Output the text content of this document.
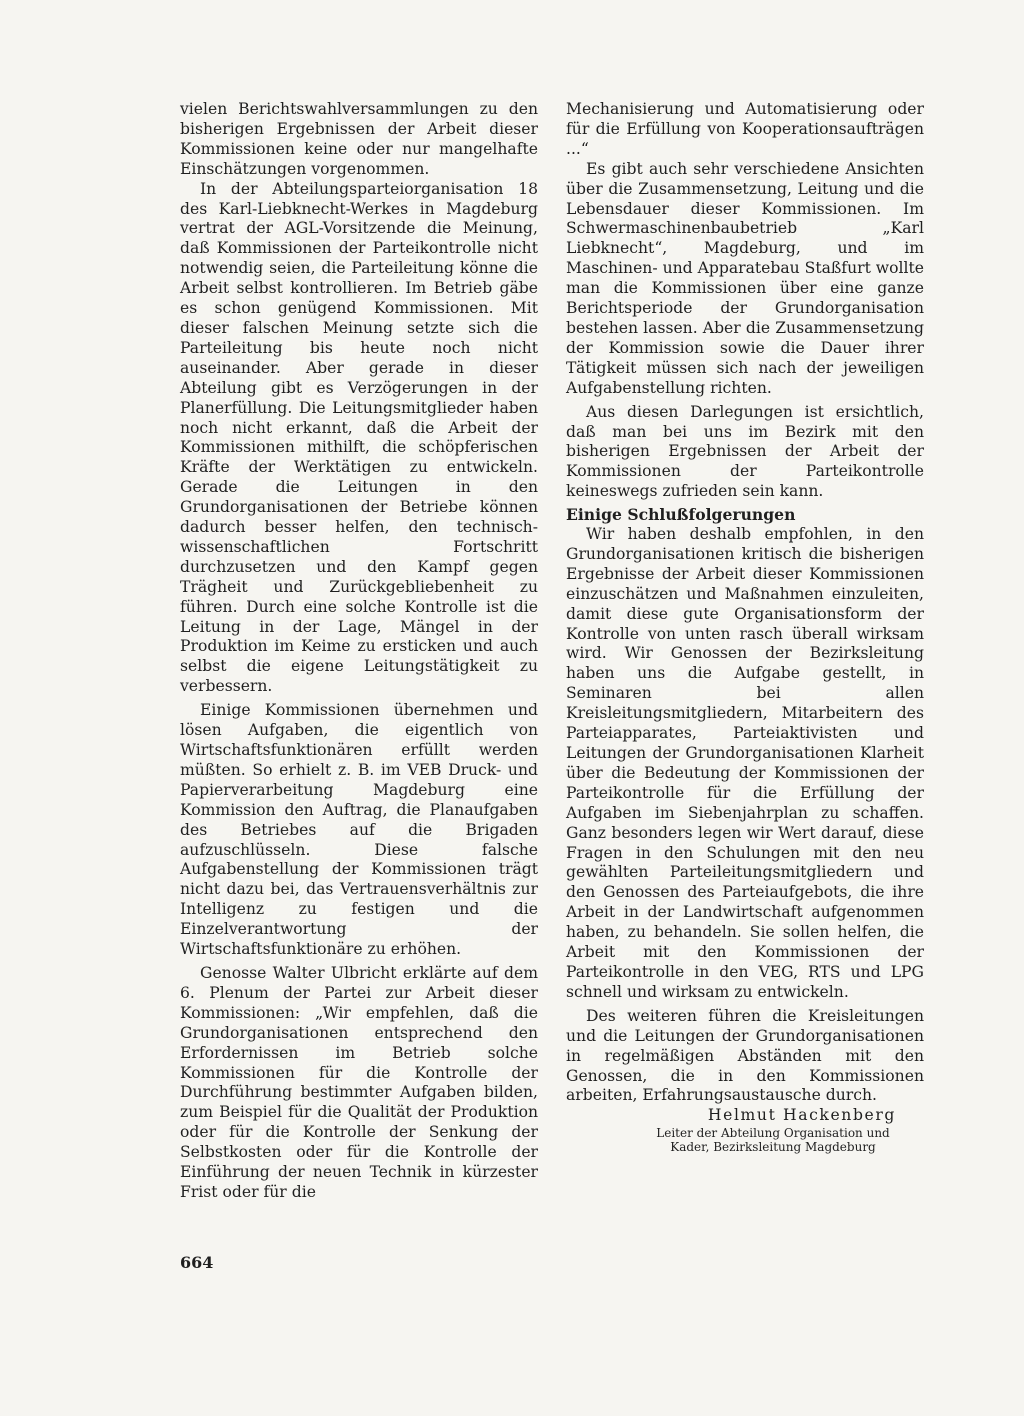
vielen Berichtswahlversammlungen zu den bisherigen Ergebnissen der Arbeit dieser Kommissionen keine oder nur mangelhafte Einschätzungen vorgenommen.

In der Abteilungsparteiorganisation 18 des Karl-Liebknecht-Werkes in Magdeburg vertrat der AGL-Vorsitzende die Meinung, daß Kommissionen der Parteikontrolle nicht notwendig seien, die Parteileitung könne die Arbeit selbst kontrollieren. Im Betrieb gäbe es schon genügend Kommissionen. Mit dieser falschen Meinung setzte sich die Parteileitung bis heute noch nicht auseinander. Aber gerade in dieser Abteilung gibt es Verzögerungen in der Planerfüllung. Die Leitungsmitglieder haben noch nicht erkannt, daß die Arbeit der Kommissionen mithilft, die schöpferischen Kräfte der Werktätigen zu entwickeln. Gerade die Leitungen in den Grundorganisationen der Betriebe können dadurch besser helfen, den technisch-wissenschaftlichen Fortschritt durchzusetzen und den Kampf gegen Trägheit und Zurückgebliebenheit zu führen. Durch eine solche Kontrolle ist die Leitung in der Lage, Mängel in der Produktion im Keime zu ersticken und auch selbst die eigene Leitungstätigkeit zu verbessern.

Einige Kommissionen übernehmen und lösen Aufgaben, die eigentlich von Wirtschaftsfunktionären erfüllt werden müßten. So erhielt z. B. im VEB Druck- und Papierverarbeitung Magdeburg eine Kommission den Auftrag, die Planaufgaben des Betriebes auf die Brigaden aufzuschlüsseln. Diese falsche Aufgabenstellung der Kommissionen trägt nicht dazu bei, das Vertrauensverhältnis zur Intelligenz zu festigen und die Einzelverantwortung der Wirtschaftsfunktionäre zu erhöhen.

Genosse Walter Ulbricht erklärte auf dem 6. Plenum der Partei zur Arbeit dieser Kommissionen: „Wir empfehlen, daß die Grundorganisationen entsprechend den Erfordernissen im Betrieb solche Kommissionen für die Kontrolle der Durchführung bestimmter Aufgaben bilden, zum Beispiel für die Qualität der Produktion oder für die Kontrolle der Senkung der Selbstkosten oder für die Kontrolle der Einführung der neuen Technik in kürzester Frist oder für die

Mechanisierung und Automatisierung oder für die Erfüllung von Kooperationsaufträgen ...“

Es gibt auch sehr verschiedene Ansichten über die Zusammensetzung, Leitung und die Lebensdauer dieser Kommissionen. Im Schwermaschinenbaubetrieb „Karl Liebknecht“, Magdeburg, und im Maschinen- und Apparatebau Staßfurt wollte man die Kommissionen über eine ganze Berichtsperiode der Grundorganisation bestehen lassen. Aber die Zusammensetzung der Kommission sowie die Dauer ihrer Tätigkeit müssen sich nach der jeweiligen Aufgabenstellung richten.

Aus diesen Darlegungen ist ersichtlich, daß man bei uns im Bezirk mit den bisherigen Ergebnissen der Arbeit der Kommissionen der Parteikontrolle keineswegs zufrieden sein kann.

Einige Schlußfolgerungen

Wir haben deshalb empfohlen, in den Grundorganisationen kritisch die bisherigen Ergebnisse der Arbeit dieser Kommissionen einzuschätzen und Maßnahmen einzuleiten, damit diese gute Organisationsform der Kontrolle von unten rasch überall wirksam wird. Wir Genossen der Bezirksleitung haben uns die Aufgabe gestellt, in Seminaren bei allen Kreisleitungsmitgliedern, Mitarbeitern des Parteiapparates, Parteiaktivisten und Leitungen der Grundorganisationen Klarheit über die Bedeutung der Kommissionen der Parteikontrolle für die Erfüllung der Aufgaben im Siebenjahrplan zu schaffen. Ganz besonders legen wir Wert darauf, diese Fragen in den Schulungen mit den neu gewählten Parteileitungsmitgliedern und den Genossen des Parteiaufgebots, die ihre Arbeit in der Landwirtschaft aufgenommen haben, zu behandeln. Sie sollen helfen, die Arbeit mit den Kommissionen der Parteikontrolle in den VEG, RTS und LPG schnell und wirksam zu entwickeln.

Des weiteren führen die Kreisleitungen und die Leitungen der Grundorganisationen in regelmäßigen Abständen mit den Genossen, die in den Kommissionen arbeiten, Erfahrungsaustausche durch.

Helmut Hackenberg
Leiter der Abteilung Organisation und
Kader, Bezirksleitung Magdeburg
664
